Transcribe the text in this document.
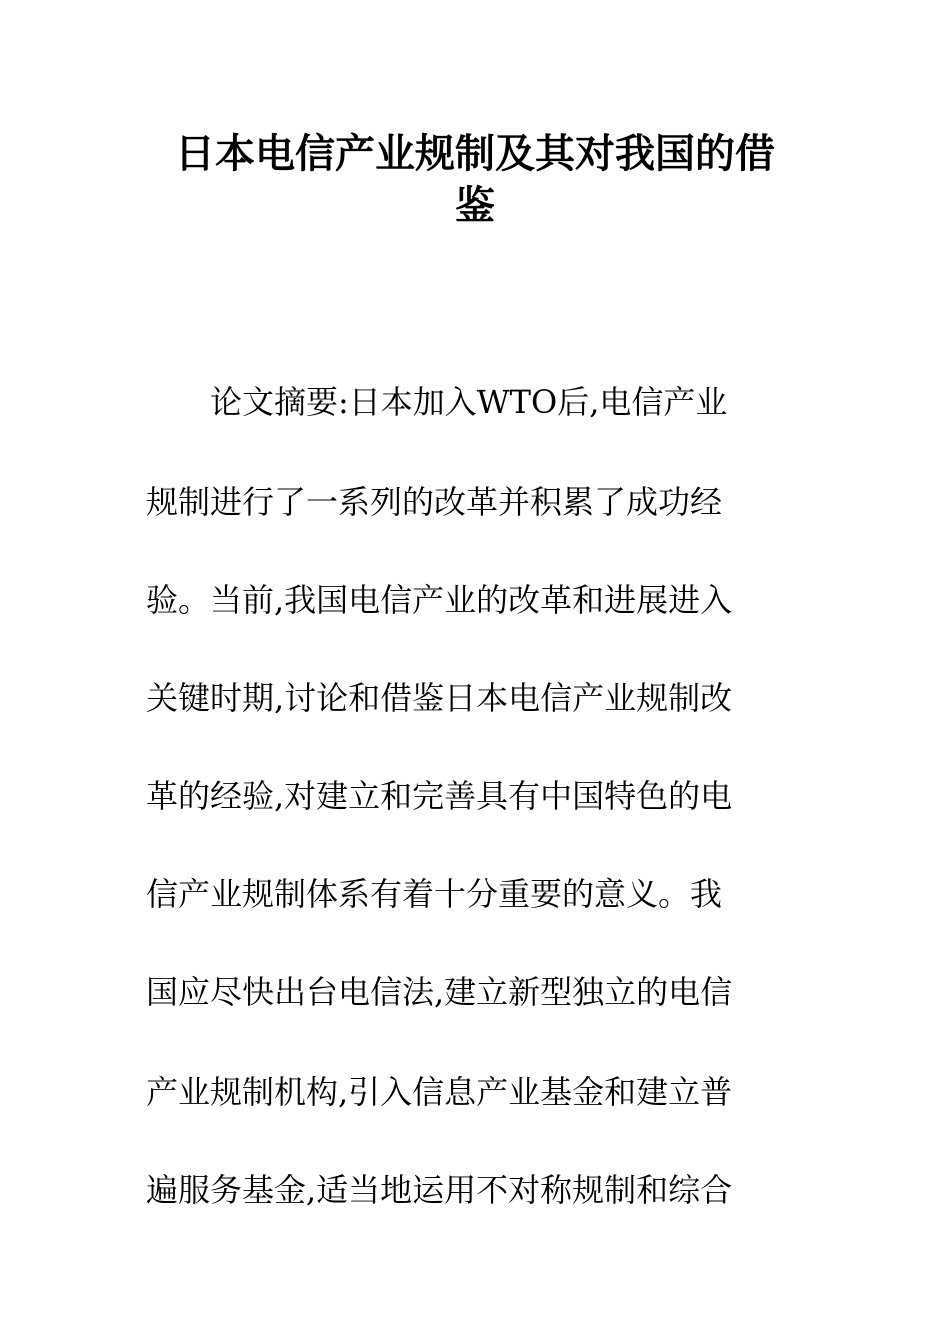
日本电信产业规制及其对我国的借
鉴
论文摘要:日本加入WTO后,电信产业
规制进行了一系列的改革并积累了成功经
验。当前,我国电信产业的改革和进展进入
关键时期,讨论和借鉴日本电信产业规制改
革的经验,对建立和完善具有中国特色的电
信产业规制体系有着十分重要的意义。我
国应尽快出台电信法,建立新型独立的电信
产业规制机构,引入信息产业基金和建立普
遍服务基金,适当地运用不对称规制和综合
